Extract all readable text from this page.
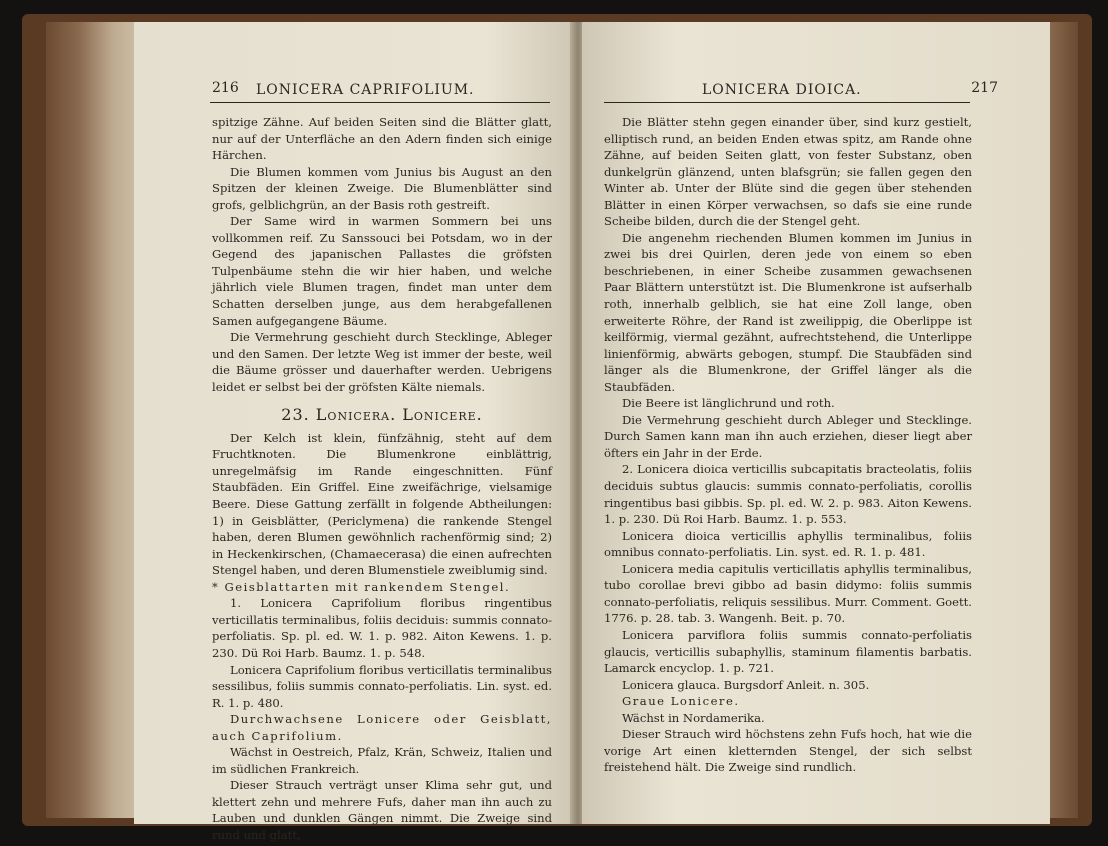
216 LONICERA CAPRIFOLIUM.

spitzige Zähne. Auf beiden Seiten sind die Blätter glatt, nur auf der Unterfläche an den Adern finden sich einige Härchen.

Die Blumen kommen vom Junius bis August an den Spitzen der kleinen Zweige. Die Blumenblätter sind grofs, gelblichgrün, an der Basis roth gestreift.

Der Same wird in warmen Sommern bei uns vollkommen reif. Zu Sanssouci bei Potsdam, wo in der Gegend des japanischen Pallastes die gröfsten Tulpenbäume stehn die wir hier haben, und welche jährlich viele Blumen tragen, findet man unter dem Schatten derselben junge, aus dem herabgefallenen Samen aufgegangene Bäume.

Die Vermehrung geschieht durch Stecklinge, Ableger und den Samen. Der letzte Weg ist immer der beste, weil die Bäume grösser und dauerhafter werden. Uebrigens leidet er selbst bei der gröfsten Kälte niemals.

23. Lonicera. Lonicere.

Der Kelch ist klein, fünfzähnig, steht auf dem Fruchtknoten. Die Blumenkrone einblättrig, unregelmäfsig im Rande eingeschnitten. Fünf Staubfäden. Ein Griffel. Eine zweifächrige, vielsamige Beere. Diese Gattung zerfällt in folgende Abtheilungen: 1) in Geisblätter, (Periclymena) die rankende Stengel haben, deren Blumen gewöhnlich rachenförmig sind; 2) in Heckenkirschen, (Chamaecerasa) die einen aufrechten Stengel haben, und deren Blumenstiele zweiblumig sind.

* Geisblattarten mit rankendem Stengel.

1. Lonicera Caprifolium floribus ringentibus verticillatis terminalibus, foliis deciduis: summis connato-perfoliatis. Sp. pl. ed. W. 1. p. 982. Aiton Kewens. 1. p. 230. Dü Roi Harb. Baumz. 1. p. 548.

Lonicera Caprifolium floribus verticillatis terminalibus sessilibus, foliis summis connato-perfoliatis. Lin. syst. ed. R. 1. p. 480.

Durchwachsene Lonicere oder Geisblatt, auch Caprifolium.

Wächst in Oestreich, Pfalz, Krän, Schweiz, Italien und im südlichen Frankreich.

Dieser Strauch verträgt unser Klima sehr gut, und klettert zehn und mehrere Fufs, daher man ihn auch zu Lauben und dunklen Gängen nimmt. Die Zweige sind rund und glatt,

LONICERA DIOICA.	217

Die Blätter stehn gegen einander über, sind kurz gestielt, elliptisch rund, an beiden Enden etwas spitz, am Rande ohne Zähne, auf beiden Seiten glatt, von fester Substanz, oben dunkelgrün glänzend, unten blafsgrün; sie fallen gegen den Winter ab. Unter der Blüte sind die gegen über stehenden Blätter in einen Körper verwachsen, so dafs sie eine runde Scheibe bilden, durch die der Stengel geht.

Die angenehm riechenden Blumen kommen im Junius in zwei bis drei Quirlen, deren jede von einem so eben beschriebenen, in einer Scheibe zusammen gewachsenen Paar Blättern unterstützt ist. Die Blumenkrone ist aufserhalb roth, innerhalb gelblich, sie hat eine Zoll lange, oben erweiterte Röhre, der Rand ist zweilippig, die Oberlippe ist keilförmig, viermal gezähnt, aufrechtstehend, die Unterlippe linienförmig, abwärts gebogen, stumpf. Die Staubfäden sind länger als die Blumenkrone, der Griffel länger als die Staubfäden.

Die Beere ist länglichrund und roth.

Die Vermehrung geschieht durch Ableger und Stecklinge. Durch Samen kann man ihn auch erziehen, dieser liegt aber öfters ein Jahr in der Erde.

2. Lonicera dioica verticillis subcapitatis bracteolatis, foliis deciduis subtus glaucis: summis connato-perfoliatis, corollis ringentibus basi gibbis. Sp. pl. ed. W. 2. p. 983. Aiton Kewens. 1. p. 230. Dü Roi Harb. Baumz. 1. p. 553.

Lonicera dioica verticillis aphyllis terminalibus, foliis omnibus connato-perfoliatis. Lin. syst. ed. R. 1. p. 481.

Lonicera media capitulis verticillatis aphyllis terminalibus, tubo corollae brevi gibbo ad basin didymo: foliis summis connato-perfoliatis, reliquis sessilibus. Murr. Comment. Goett. 1776. p. 28. tab. 3. Wangenh. Beit. p. 70.

Lonicera parviflora foliis summis connato-perfoliatis glaucis, verticillis subaphyllis, staminum filamentis barbatis. Lamarck encyclop. 1. p. 721.

Lonicera glauca. Burgsdorf Anleit. n. 305.

Graue Lonicere.

Wächst in Nordamerika.

Dieser Strauch wird höchstens zehn Fufs hoch, hat wie die vorige Art einen kletternden Stengel, der sich selbst freistehend hält. Die Zweige sind rundlich.
